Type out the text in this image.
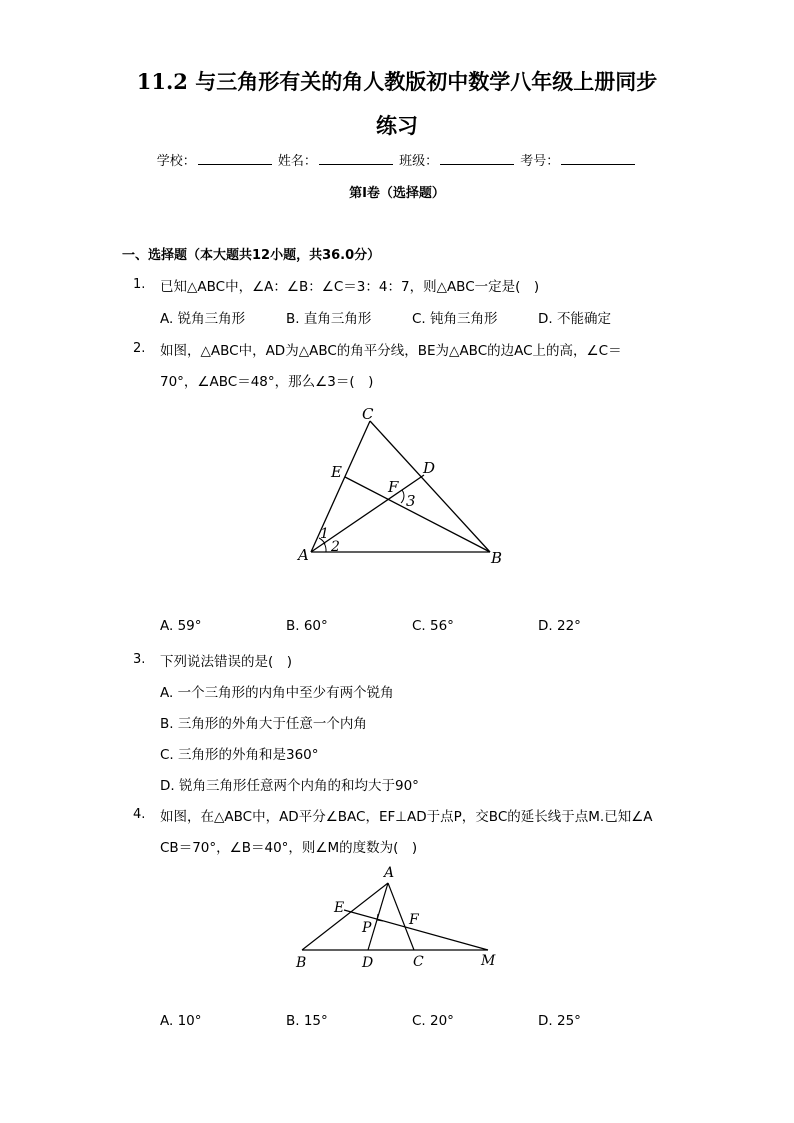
11.2 与三角形有关的角人教版初中数学八年级上册同步
练习
学校：	姓名：	班级：	考号：
第I卷（选择题）
一、选择题（本大题共12小题，共36.0分）
1. 已知△ABC中，∠A：∠B：∠C＝3：4：7，则△ABC一定是(　)
A. 锐角三角形	B. 直角三角形	C. 钝角三角形	D. 不能确定
2. 如图，△ABC中，AD为△ABC的角平分线，BE为△ABC的边AC上的高，∠C＝
70°，∠ABC＝48°，那么∠3＝(　)
C
E	D
F
3
1
A 2
B
A. 59°	B. 60°	C. 56°	D. 22°
3. 下列说法错误的是(　)
A. 一个三角形的内角中至少有两个锐角
B. 三角形的外角大于任意一个内角
C. 三角形的外角和是360°
D. 锐角三角形任意两个内角的和均大于90°
4. 如图，在△ABC中，AD平分∠BAC，EF⊥AD于点P，交BC的延长线于点M.已知∠A
CB＝70°，∠B＝40°，则∠M的度数为(　)
A
E
F
P
B	D	C	M
A. 10°	B. 15°	C. 20°	D. 25°
